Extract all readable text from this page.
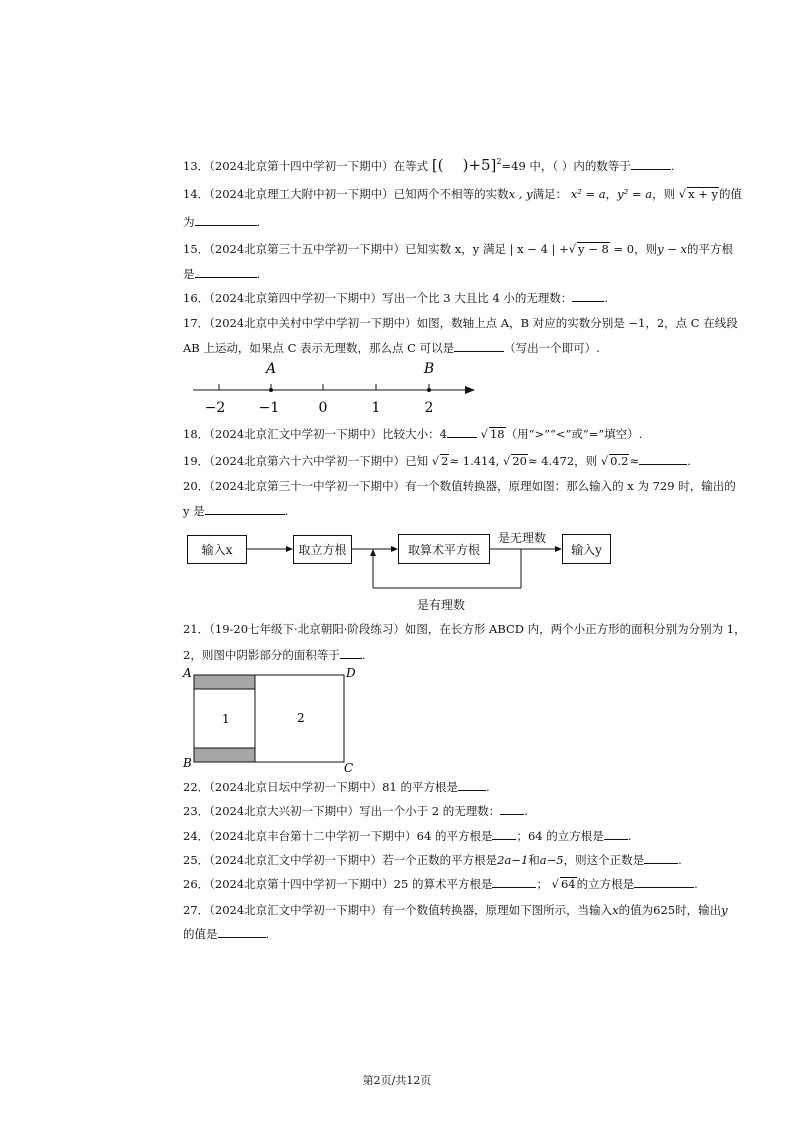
13．（2024北京第十四中学初一下期中）在等式 [(    )+5]$^2$=49 中，（ ）内的数等于	.
14．（2024北京理工大附中初一下期中）已知两个不相等的实数x , y满足： x² = a，y² = a，则 √ x + y的值
为	.
15．（2024北京第三十五中学初一下期中）已知实数 x，y 满足 | x − 4 | +√ y − 8 = 0，则y − x的平方根
是	.
16．（2024北京第四中学初一下期中）写出一个比 3 大且比 4 小的无理数：	.
17．（2024北京中关村中学中学初一下期中）如图，数轴上点 A，B 对应的实数分别是 −1，2，点 C 在线段
AB 上运动，如果点 C 表示无理数，那么点 C 可以是	（写出一个即可）.
A	B
−2 −1	0	1	2
18．（2024北京汇文中学初一下期中）比较大小：4	√ 18（用“>”“<”或“=”填空）.
19．（2024北京第六十六中学初一下期中）已知 √ 2≈ 1.414, √ 20≈ 4.472，则 √ 0.2≈	.
20．（2024北京第三十一中学初一下期中）有一个数值转换器，原理如图：那么输入的 x 为 729 时，输出的
y 是	.
输入x	取立方根	取算术平方根	输入y
是无理数
是有理数
21．（19-20七年级下·北京朝阳·阶段练习）如图，在长方形 ABCD 内，两个小正方形的面积分别为分别为 1，
2，则图中阴影部分的面积等于 .
1	2
A	D
B	C
22．（2024北京日坛中学初一下期中）81 的平方根是 .
23．（2024北京大兴初一下期中）写出一个小于 2 的无理数： .
24．（2024北京丰台第十二中学初一下期中）64 的平方根是 ；64 的立方根是 .
25．（2024北京汇文中学初一下期中）若一个正数的平方根是2a−1和a−5，则这个正数是	.
26．（2024北京第十四中学初一下期中）25 的算术平方根是	； √ 64的立方根是	.
27．（2024北京汇文中学初一下期中）有一个数值转换器，原理如下图所示，当输入x的值为625时，输出y
的值是	.
第2页/共12页
